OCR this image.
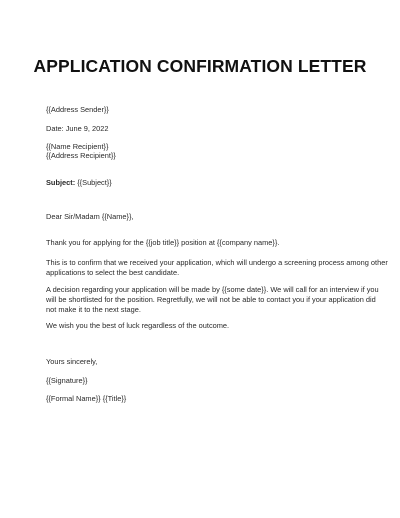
APPLICATION CONFIRMATION LETTER
{{Address Sender}}
Date: June 9, 2022
{{Name Recipient}}
{{Address Recipient}}
Subject: {{Subject}}
Dear Sir/Madam {{Name}},
Thank you for applying for the {{job title}} position at {{company name}}.
This is to confirm that we received your application, which will undergo a screening process among other
applications to select the best candidate.
A decision regarding your application will be made by {{some date}}. We will call for an interview if you
will be shortlisted for the position. Regretfully, we will not be able to contact you if your application did
not make it to the next stage.
We wish you the best of luck regardless of the outcome.
Yours sincerely,
{{Signature}}
{{Formal Name}} {{Title}}
